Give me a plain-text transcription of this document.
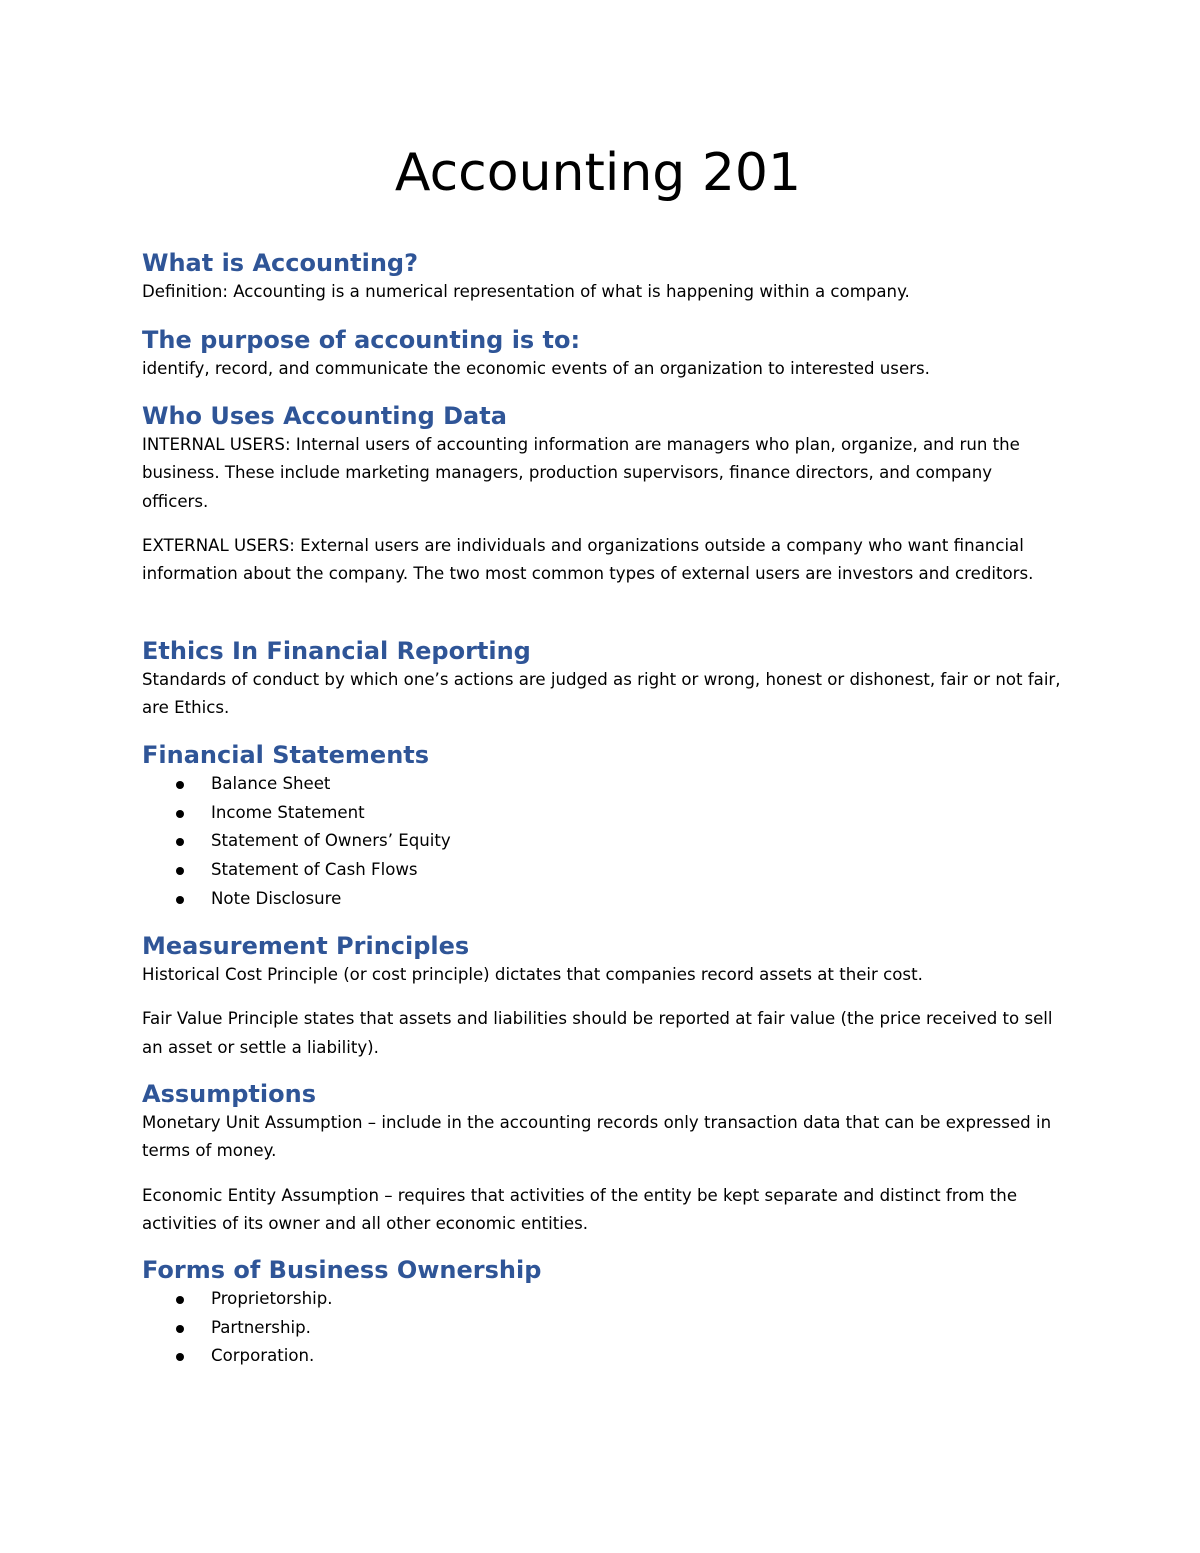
Accounting 201
What is Accounting?

Definition: Accounting is a numerical representation of what is happening within a company.

The purpose of accounting is to:

identify, record, and communicate the economic events of an organization to interested users.

Who Uses Accounting Data

INTERNAL USERS: Internal users of accounting information are managers who plan, organize, and run the business. These include marketing managers, production supervisors, finance directors, and company officers.

EXTERNAL USERS: External users are individuals and organizations outside a company who want financial information about the company. The two most common types of external users are investors and creditors.

Ethics In Financial Reporting

Standards of conduct by which one’s actions are judged as right or wrong, honest or dishonest, fair or not fair, are Ethics.

Financial Statements
Balance Sheet
Income Statement
Statement of Owners’ Equity
Statement of Cash Flows
Note Disclosure
Measurement Principles

Historical Cost Principle (or cost principle) dictates that companies record assets at their cost.

Fair Value Principle states that assets and liabilities should be reported at fair value (the price received to sell an asset or settle a liability).

Assumptions

Monetary Unit Assumption – include in the accounting records only transaction data that can be expressed in terms of money.

Economic Entity Assumption – requires that activities of the entity be kept separate and distinct from the activities of its owner and all other economic entities.

Forms of Business Ownership
Proprietorship.
Partnership.
Corporation.
